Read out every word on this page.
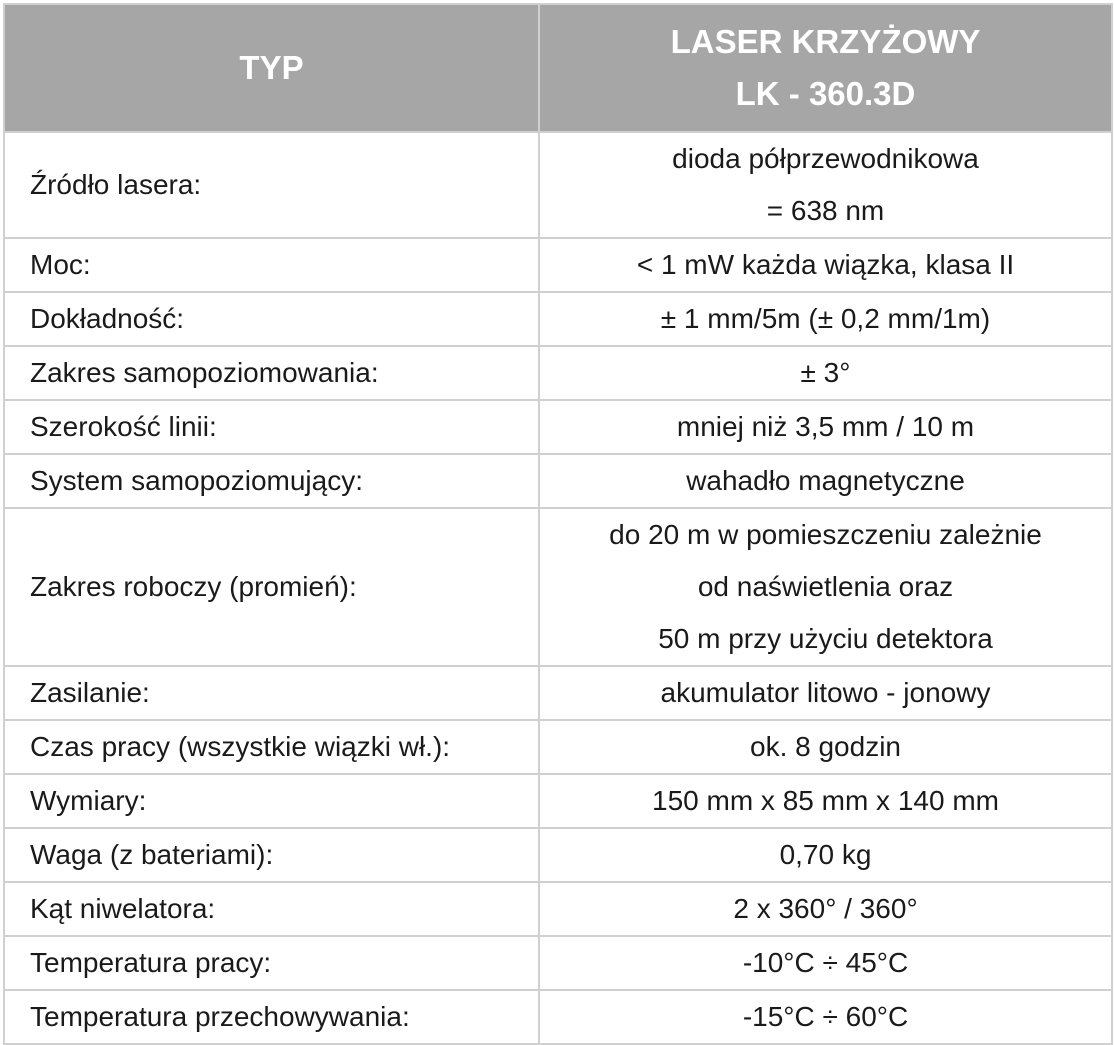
TYP	LASER KRZYŻOWY
LK - 360.3D

Źródło lasera:	dioda półprzewodnikowa
= 638 nm

Moc:	< 1 mW każda wiązka, klasa II
Dokładność:	± 1 mm/5m (± 0,2 mm/1m)
Zakres samopoziomowania:	± 3°
Szerokość linii:	mniej niż 3,5 mm / 10 m
System samopoziomujący:	wahadło magnetyczne
Zakres roboczy (promień):	do 20 m w pomieszczeniu zależnie
od naświetlenia oraz
50 m przy użyciu detektora

Zasilanie:	akumulator litowo - jonowy
Czas pracy (wszystkie wiązki wł.):	ok. 8 godzin
Wymiary:	150 mm x 85 mm x 140 mm
Waga (z bateriami):	0,70 kg
Kąt niwelatora:	2 x 360° / 360°
Temperatura pracy:	-10°C ÷ 45°C
Temperatura przechowywania:	-15°C ÷ 60°C
